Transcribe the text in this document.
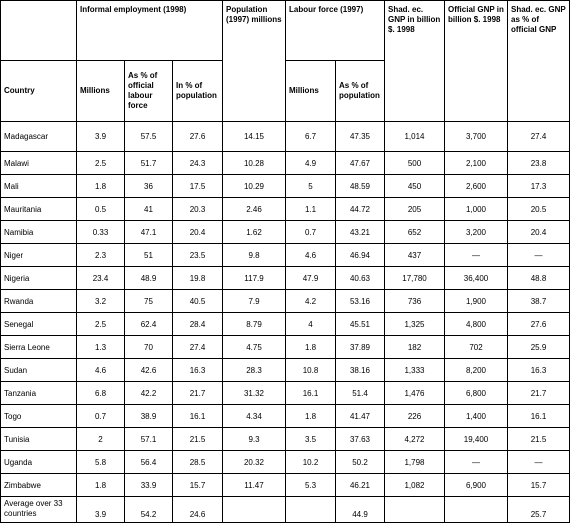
	Informal employment (1998)			Population (1997) millions	Labour force (1997)		Shad. ec. GNP in billion $. 1998	Official GNP in billion $. 1998	Shad. ec. GNP as % of official GNP
Country	Millions	As % of official labour force	In % of population		Millions	As % of population			
Madagascar	3.9	57.5	27.6	14.15	6.7	47.35	1,014	3,700	27.4
Malawi	2.5	51.7	24.3	10.28	4.9	47.67	500	2,100	23.8
Mali	1.8	36	17.5	10.29	5	48.59	450	2,600	17.3
Mauritania	0.5	41	20.3	2.46	1.1	44.72	205	1,000	20.5
Namibia	0.33	47.1	20.4	1.62	0.7	43.21	652	3,200	20.4
Niger	2.3	51	23.5	9.8	4.6	46.94	437	—	—
Nigeria	23.4	48.9	19.8	117.9	47.9	40.63	17,780	36,400	48.8
Rwanda	3.2	75	40.5	7.9	4.2	53.16	736	1,900	38.7
Senegal	2.5	62.4	28.4	8.79	4	45.51	1,325	4,800	27.6
Sierra Leone	1.3	70	27.4	4.75	1.8	37.89	182	702	25.9
Sudan	4.6	42.6	16.3	28.3	10.8	38.16	1,333	8,200	16.3
Tanzania	6.8	42.2	21.7	31.32	16.1	51.4	1,476	6,800	21.7
Togo	0.7	38.9	16.1	4.34	1.8	41.47	226	1,400	16.1
Tunisia	2	57.1	21.5	9.3	3.5	37.63	4,272	19,400	21.5
Uganda	5.8	56.4	28.5	20.32	10.2	50.2	1,798	—	—
Zimbabwe	1.8	33.9	15.7	11.47	5.3	46.21	1,082	6,900	15.7
Average over 33 countries	3.9	54.2	24.6			44.9			25.7
